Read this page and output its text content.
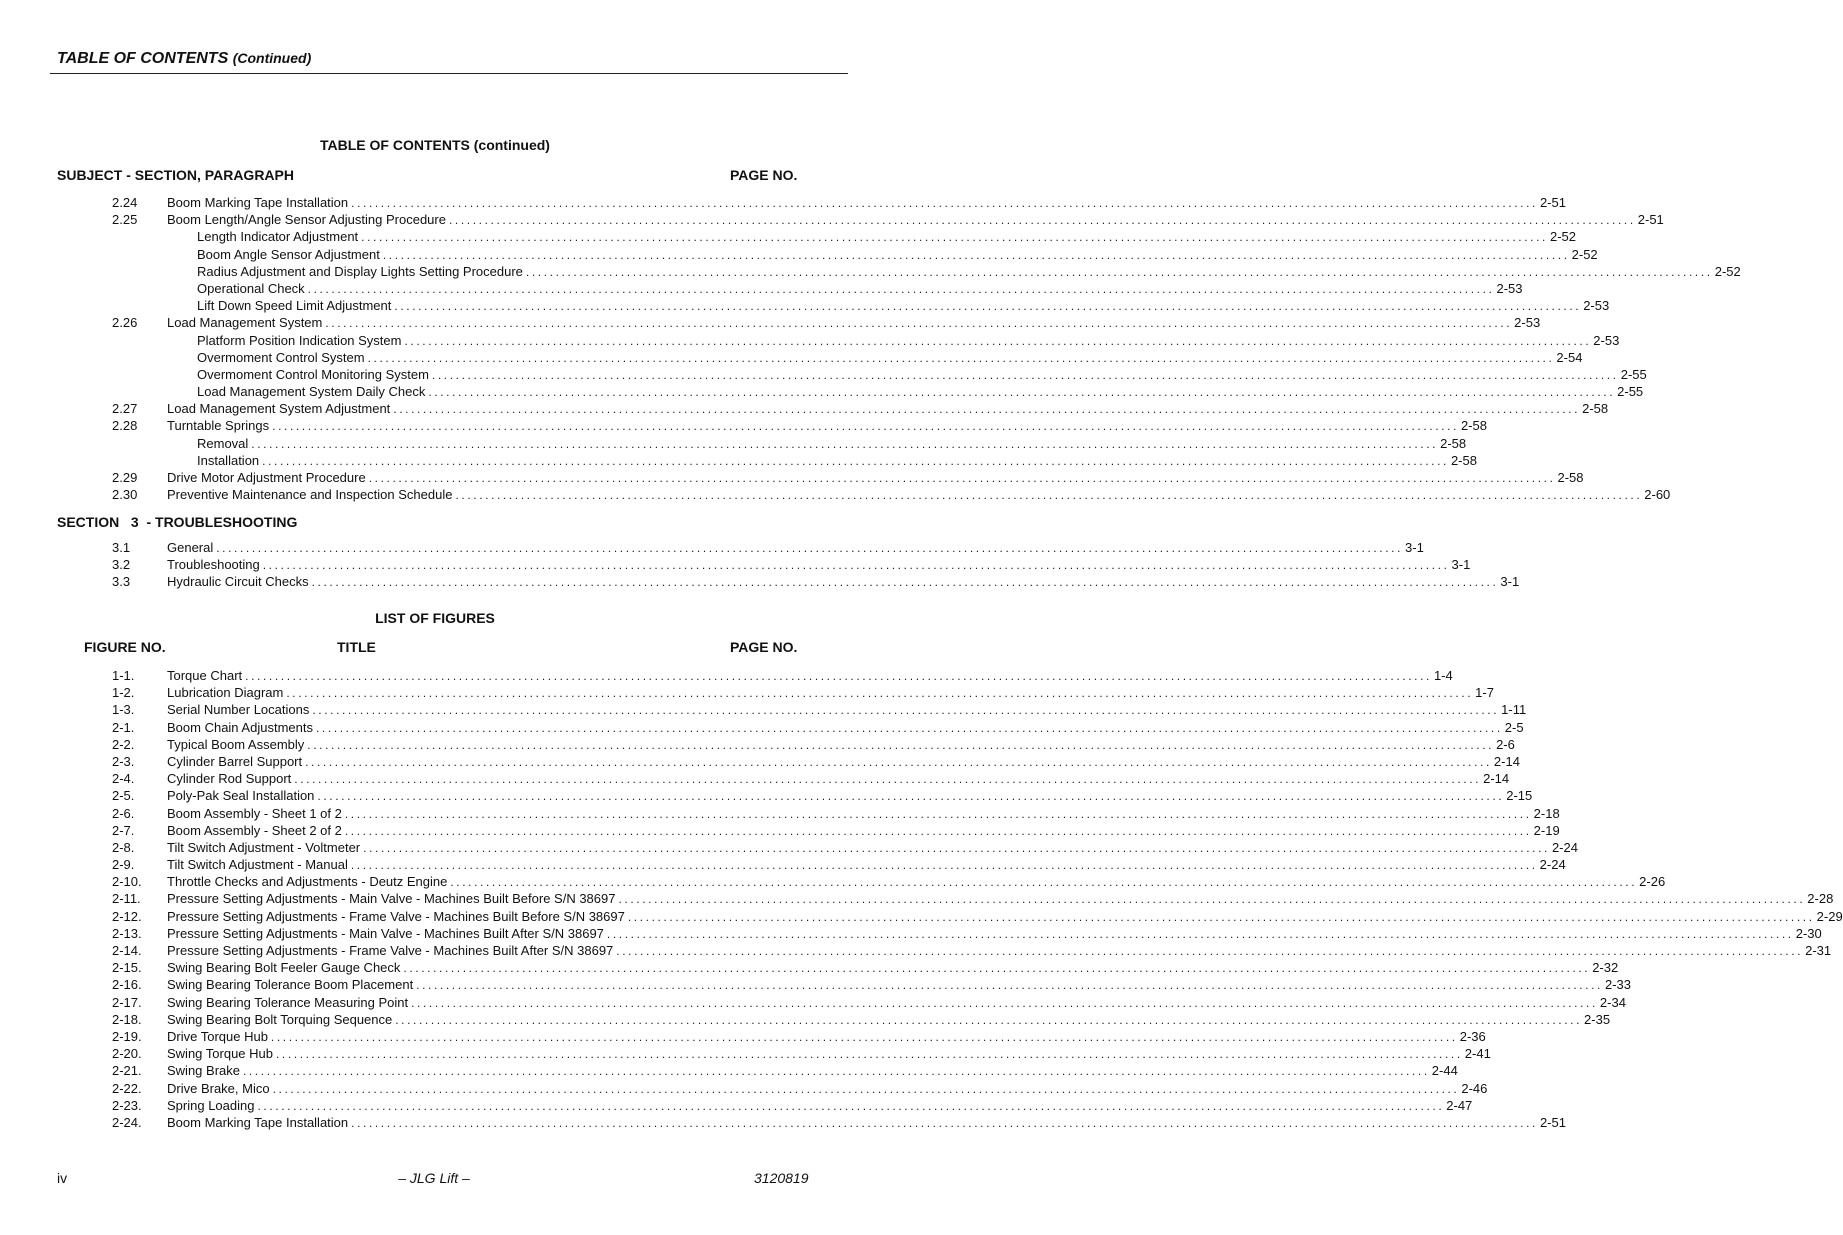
TABLE OF CONTENTS (Continued)
TABLE OF CONTENTS (continued)
SUBJECT - SECTION, PARAGRAPH	PAGE NO.
2.24 Boom Marking Tape Installation ........................................................................................................................................................................................................ 2-51
2.25 Boom Length/Angle Sensor Adjusting Procedure ........................................................................................................................................................................................................ 2-51
Length Indicator Adjustment ........................................................................................................................................................................................................ 2-52
Boom Angle Sensor Adjustment ........................................................................................................................................................................................................ 2-52
Radius Adjustment and Display Lights Setting Procedure ........................................................................................................................................................................................................ 2-52
Operational Check ........................................................................................................................................................................................................ 2-53
Lift Down Speed Limit Adjustment ........................................................................................................................................................................................................ 2-53
2.26 Load Management System ........................................................................................................................................................................................................ 2-53
Platform Position Indication System ........................................................................................................................................................................................................ 2-53
Overmoment Control System ........................................................................................................................................................................................................ 2-54
Overmoment Control Monitoring System ........................................................................................................................................................................................................ 2-55
Load Management System Daily Check ........................................................................................................................................................................................................ 2-55
2.27 Load Management System Adjustment ........................................................................................................................................................................................................ 2-58
2.28 Turntable Springs ........................................................................................................................................................................................................ 2-58
Removal ........................................................................................................................................................................................................ 2-58
Installation ........................................................................................................................................................................................................ 2-58
2.29 Drive Motor Adjustment Procedure ........................................................................................................................................................................................................ 2-58
2.30 Preventive Maintenance and Inspection Schedule ........................................................................................................................................................................................................ 2-60
SECTION   3  - TROUBLESHOOTING
3.1	General ........................................................................................................................................................................................................ 3-1
3.2	Troubleshooting ........................................................................................................................................................................................................ 3-1
3.3	Hydraulic Circuit Checks ........................................................................................................................................................................................................ 3-1
LIST OF FIGURES
FIGURE NO.	TITLE	PAGE NO.
1-1.	Torque Chart ........................................................................................................................................................................................................ 1-4
1-2.	Lubrication Diagram ........................................................................................................................................................................................................ 1-7
1-3.	Serial Number Locations ........................................................................................................................................................................................................ 1-11
2-1.	Boom Chain Adjustments ........................................................................................................................................................................................................ 2-5
2-2.	Typical Boom Assembly ........................................................................................................................................................................................................ 2-6
2-3.	Cylinder Barrel Support ........................................................................................................................................................................................................ 2-14
2-4.	Cylinder Rod Support ........................................................................................................................................................................................................ 2-14
2-5.	Poly-Pak Seal Installation ........................................................................................................................................................................................................ 2-15
2-6.	Boom Assembly - Sheet 1 of 2 ........................................................................................................................................................................................................ 2-18
2-7.	Boom Assembly - Sheet 2 of 2 ........................................................................................................................................................................................................ 2-19
2-8.	Tilt Switch Adjustment - Voltmeter ........................................................................................................................................................................................................ 2-24
2-9.	Tilt Switch Adjustment - Manual ........................................................................................................................................................................................................ 2-24
2-10. Throttle Checks and Adjustments - Deutz Engine ........................................................................................................................................................................................................ 2-26
2-11. Pressure Setting Adjustments - Main Valve - Machines Built Before S/N 38697 ........................................................................................................................................................................................................ 2-28
2-12. Pressure Setting Adjustments - Frame Valve - Machines Built Before S/N 38697 ........................................................................................................................................................................................................ 2-29
2-13. Pressure Setting Adjustments - Main Valve - Machines Built After S/N 38697 ........................................................................................................................................................................................................ 2-30
2-14. Pressure Setting Adjustments - Frame Valve - Machines Built After S/N 38697 ........................................................................................................................................................................................................ 2-31
2-15. Swing Bearing Bolt Feeler Gauge Check ........................................................................................................................................................................................................ 2-32
2-16. Swing Bearing Tolerance Boom Placement ........................................................................................................................................................................................................ 2-33
2-17. Swing Bearing Tolerance Measuring Point ........................................................................................................................................................................................................ 2-34
2-18. Swing Bearing Bolt Torquing Sequence ........................................................................................................................................................................................................ 2-35
2-19. Drive Torque Hub ........................................................................................................................................................................................................ 2-36
2-20. Swing Torque Hub ........................................................................................................................................................................................................ 2-41
2-21. Swing Brake ........................................................................................................................................................................................................ 2-44
2-22. Drive Brake, Mico ........................................................................................................................................................................................................ 2-46
2-23. Spring Loading ........................................................................................................................................................................................................ 2-47
2-24. Boom Marking Tape Installation ........................................................................................................................................................................................................ 2-51
iv	– JLG Lift –	3120819
